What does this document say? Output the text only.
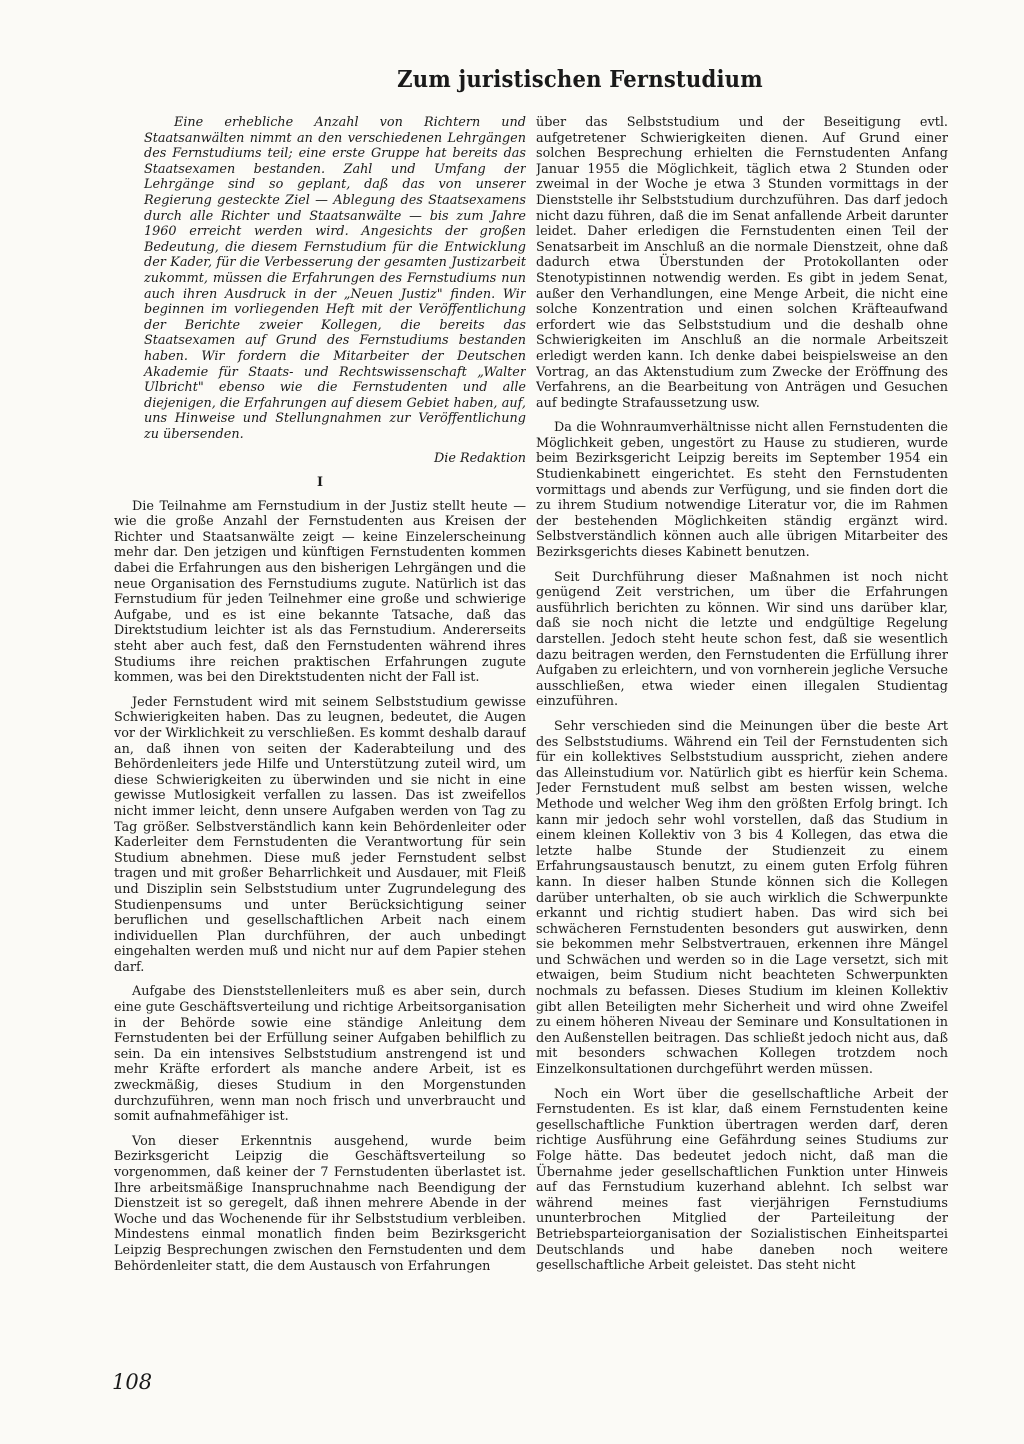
Zum juristischen Fernstudium

Eine erhebliche Anzahl von Richtern und Staatsanwälten nimmt an den verschiedenen Lehrgängen des Fernstudiums teil; eine erste Gruppe hat bereits das Staatsexamen bestanden. Zahl und Umfang der Lehrgänge sind so geplant, daß das von unserer Regierung gesteckte Ziel — Ablegung des Staatsexamens durch alle Richter und Staatsanwälte — bis zum Jahre 1960 erreicht werden wird. Angesichts der großen Bedeutung, die diesem Fernstudium für die Entwicklung der Kader, für die Verbesserung der gesamten Justizarbeit zukommt, müssen die Erfahrungen des Fernstudiums nun auch ihren Ausdruck in der „Neuen Justiz" finden. Wir beginnen im vorliegenden Heft mit der Veröffentlichung der Berichte zweier Kollegen, die bereits das Staatsexamen auf Grund des Fernstudiums bestanden haben. Wir fordern die Mitarbeiter der Deutschen Akademie für Staats- und Rechtswissenschaft „Walter Ulbricht" ebenso wie die Fernstudenten und alle diejenigen, die Erfahrungen auf diesem Gebiet haben, auf, uns Hinweise und Stellungnahmen zur Veröffentlichung zu übersenden.

Die Redaktion

I

Die Teilnahme am Fernstudium in der Justiz stellt heute — wie die große Anzahl der Fernstudenten aus Kreisen der Richter und Staatsanwälte zeigt — keine Einzelerscheinung mehr dar. Den jetzigen und künftigen Fernstudenten kommen dabei die Erfahrungen aus den bisherigen Lehrgängen und die neue Organisation des Fernstudiums zugute. Natürlich ist das Fernstudium für jeden Teilnehmer eine große und schwierige Aufgabe, und es ist eine bekannte Tatsache, daß das Direktstudium leichter ist als das Fernstudium. Andererseits steht aber auch fest, daß den Fernstudenten während ihres Studiums ihre reichen praktischen Erfahrungen zugute kommen, was bei den Direktstudenten nicht der Fall ist.

Jeder Fernstudent wird mit seinem Selbststudium gewisse Schwierigkeiten haben. Das zu leugnen, bedeutet, die Augen vor der Wirklichkeit zu verschließen. Es kommt deshalb darauf an, daß ihnen von seiten der Kaderabteilung und des Behördenleiters jede Hilfe und Unterstützung zuteil wird, um diese Schwierigkeiten zu überwinden und sie nicht in eine gewisse Mutlosigkeit verfallen zu lassen. Das ist zweifellos nicht immer leicht, denn unsere Aufgaben werden von Tag zu Tag größer. Selbstverständlich kann kein Behördenleiter oder Kaderleiter dem Fernstudenten die Verantwortung für sein Studium abnehmen. Diese muß jeder Fernstudent selbst tragen und mit großer Beharrlichkeit und Ausdauer, mit Fleiß und Disziplin sein Selbststudium unter Zugrundelegung des Studienpensums und unter Berücksichtigung seiner beruflichen und gesellschaftlichen Arbeit nach einem individuellen Plan durchführen, der auch unbedingt eingehalten werden muß und nicht nur auf dem Papier stehen darf.

Aufgabe des Dienststellenleiters muß es aber sein, durch eine gute Geschäftsverteilung und richtige Arbeitsorganisation in der Behörde sowie eine ständige Anleitung dem Fernstudenten bei der Erfüllung seiner Aufgaben behilflich zu sein. Da ein intensives Selbststudium anstrengend ist und mehr Kräfte erfordert als manche andere Arbeit, ist es zweckmäßig, dieses Studium in den Morgenstunden durchzuführen, wenn man noch frisch und unverbraucht und somit aufnahmefähiger ist.

Von dieser Erkenntnis ausgehend, wurde beim Bezirksgericht Leipzig die Geschäftsverteilung so vorgenommen, daß keiner der 7 Fernstudenten überlastet ist. Ihre arbeitsmäßige Inanspruchnahme nach Beendigung der Dienstzeit ist so geregelt, daß ihnen mehrere Abende in der Woche und das Wochenende für ihr Selbststudium verbleiben. Mindestens einmal monatlich finden beim Bezirksgericht Leipzig Besprechungen zwischen den Fernstudenten und dem Behördenleiter statt, die dem Austausch von Erfahrungen

über das Selbststudium und der Beseitigung evtl. aufgetretener Schwierigkeiten dienen. Auf Grund einer solchen Besprechung erhielten die Fernstudenten Anfang Januar 1955 die Möglichkeit, täglich etwa 2 Stunden oder zweimal in der Woche je etwa 3 Stunden vormittags in der Dienststelle ihr Selbststudium durchzuführen. Das darf jedoch nicht dazu führen, daß die im Senat anfallende Arbeit darunter leidet. Daher erledigen die Fernstudenten einen Teil der Senatsarbeit im Anschluß an die normale Dienstzeit, ohne daß dadurch etwa Überstunden der Protokollanten oder Stenotypistinnen notwendig werden. Es gibt in jedem Senat, außer den Verhandlungen, eine Menge Arbeit, die nicht eine solche Konzentration und einen solchen Kräfteaufwand erfordert wie das Selbststudium und die deshalb ohne Schwierigkeiten im Anschluß an die normale Arbeitszeit erledigt werden kann. Ich denke dabei beispielsweise an den Vortrag, an das Aktenstudium zum Zwecke der Eröffnung des Verfahrens, an die Bearbeitung von Anträgen und Gesuchen auf bedingte Strafaussetzung usw.

Da die Wohnraumverhältnisse nicht allen Fernstudenten die Möglichkeit geben, ungestört zu Hause zu studieren, wurde beim Bezirksgericht Leipzig bereits im September 1954 ein Studienkabinett eingerichtet. Es steht den Fernstudenten vormittags und abends zur Verfügung, und sie finden dort die zu ihrem Studium notwendige Literatur vor, die im Rahmen der bestehenden Möglichkeiten ständig ergänzt wird. Selbstverständlich können auch alle übrigen Mitarbeiter des Bezirksgerichts dieses Kabinett benutzen.

Seit Durchführung dieser Maßnahmen ist noch nicht genügend Zeit verstrichen, um über die Erfahrungen ausführlich berichten zu können. Wir sind uns darüber klar, daß sie noch nicht die letzte und endgültige Regelung darstellen. Jedoch steht heute schon fest, daß sie wesentlich dazu beitragen werden, den Fernstudenten die Erfüllung ihrer Aufgaben zu erleichtern, und von vornherein jegliche Versuche ausschließen, etwa wieder einen illegalen Studientag einzuführen.

Sehr verschieden sind die Meinungen über die beste Art des Selbststudiums. Während ein Teil der Fernstudenten sich für ein kollektives Selbststudium ausspricht, ziehen andere das Alleinstudium vor. Natürlich gibt es hierfür kein Schema. Jeder Fernstudent muß selbst am besten wissen, welche Methode und welcher Weg ihm den größten Erfolg bringt. Ich kann mir jedoch sehr wohl vorstellen, daß das Studium in einem kleinen Kollektiv von 3 bis 4 Kollegen, das etwa die letzte halbe Stunde der Studienzeit zu einem Erfahrungsaustausch benutzt, zu einem guten Erfolg führen kann. In dieser halben Stunde können sich die Kollegen darüber unterhalten, ob sie auch wirklich die Schwerpunkte erkannt und richtig studiert haben. Das wird sich bei schwächeren Fernstudenten besonders gut auswirken, denn sie bekommen mehr Selbstvertrauen, erkennen ihre Mängel und Schwächen und werden so in die Lage versetzt, sich mit etwaigen, beim Studium nicht beachteten Schwerpunkten nochmals zu befassen. Dieses Studium im kleinen Kollektiv gibt allen Beteiligten mehr Sicherheit und wird ohne Zweifel zu einem höheren Niveau der Seminare und Konsultationen in den Außenstellen beitragen. Das schließt jedoch nicht aus, daß mit besonders schwachen Kollegen trotzdem noch Einzelkonsultationen durchgeführt werden müssen.

Noch ein Wort über die gesellschaftliche Arbeit der Fernstudenten. Es ist klar, daß einem Fernstudenten keine gesellschaftliche Funktion übertragen werden darf, deren richtige Ausführung eine Gefährdung seines Studiums zur Folge hätte. Das bedeutet jedoch nicht, daß man die Übernahme jeder gesellschaftlichen Funktion unter Hinweis auf das Fernstudium kuzerhand ablehnt. Ich selbst war während meines fast vierjährigen Fernstudiums ununterbrochen Mitglied der Parteileitung der Betriebsparteiorganisation der Sozialistischen Einheitspartei Deutschlands und habe daneben noch weitere gesellschaftliche Arbeit geleistet. Das steht nicht

108
